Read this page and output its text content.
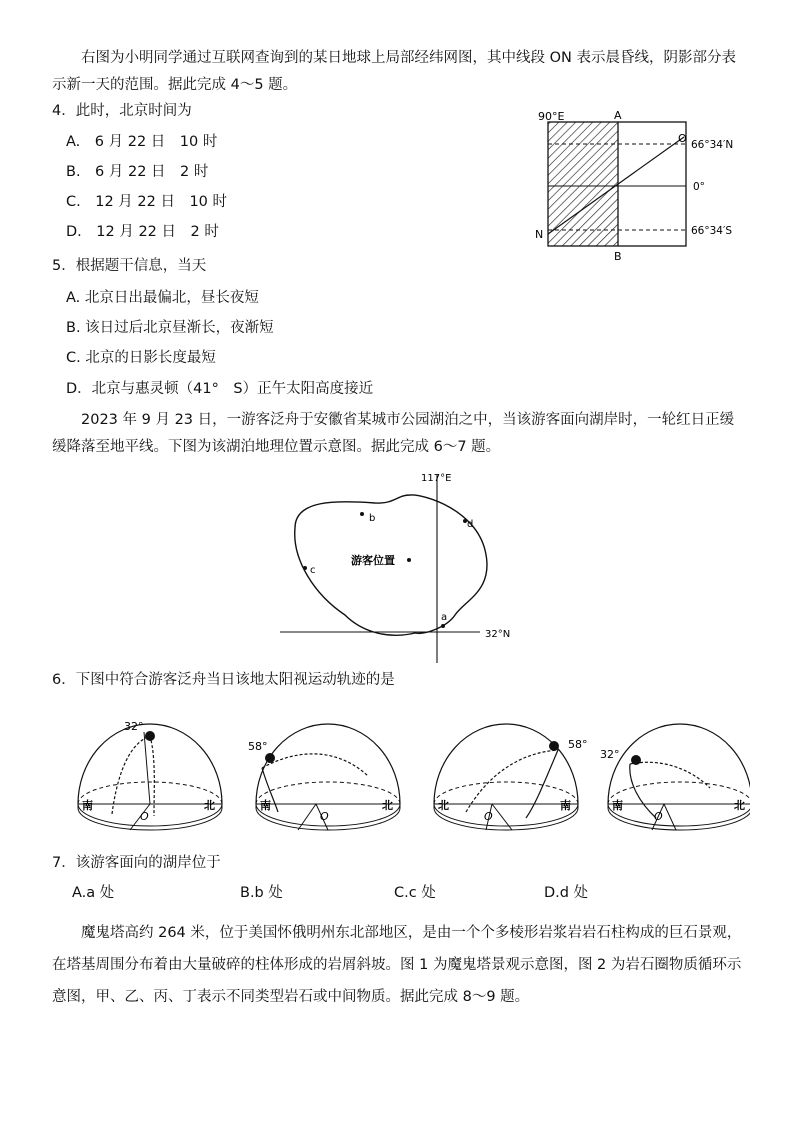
右图为小明同学通过互联网查询到的某日地球上局部经纬网图，其中线段 ON 表示晨昏线，阴影部分表示新一天的范围。据此完成 4～5 题。
4．此时，北京时间为
A.　6 月 22 日　10 时
B.　6 月 22 日　2 时
C.　12 月 22 日　10 时
D.　12 月 22 日　2 时
5．根据题干信息，当天
A. 北京日出最偏北，昼长夜短
B. 该日过后北京昼渐长，夜渐短
C. 北京的日影长度最短
D．北京与惠灵顿（41°　S）正午太阳高度接近
90°E	A
B
O
N
66°34′N
0°
66°34′S
2023 年 9 月 23 日，一游客泛舟于安徽省某城市公园湖泊之中，当该游客面向湖岸时，一轮红日正缓缓降落至地平线。下图为该湖泊地理位置示意图。据此完成 6～7 题。
b
d
c
a
游客位置
117°E
32°N
6．下图中符合游客泛舟当日该地太阳视运动轨迹的是
32°
南	北
O
58°
南	北
O
58°
北	南
O
32°
南	北
O
7．该游客面向的湖岸位于
A.a 处	B.b 处	C.c 处	D.d 处
魔鬼塔高约 264 米，位于美国怀俄明州东北部地区，是由一个个多棱形岩浆岩岩石柱构成的巨石景观，在塔基周围分布着由大量破碎的柱体形成的岩屑斜坡。图 1 为魔鬼塔景观示意图，图 2 为岩石圈物质循环示意图，甲、乙、丙、丁表示不同类型岩石或中间物质。据此完成 8～9 题。
